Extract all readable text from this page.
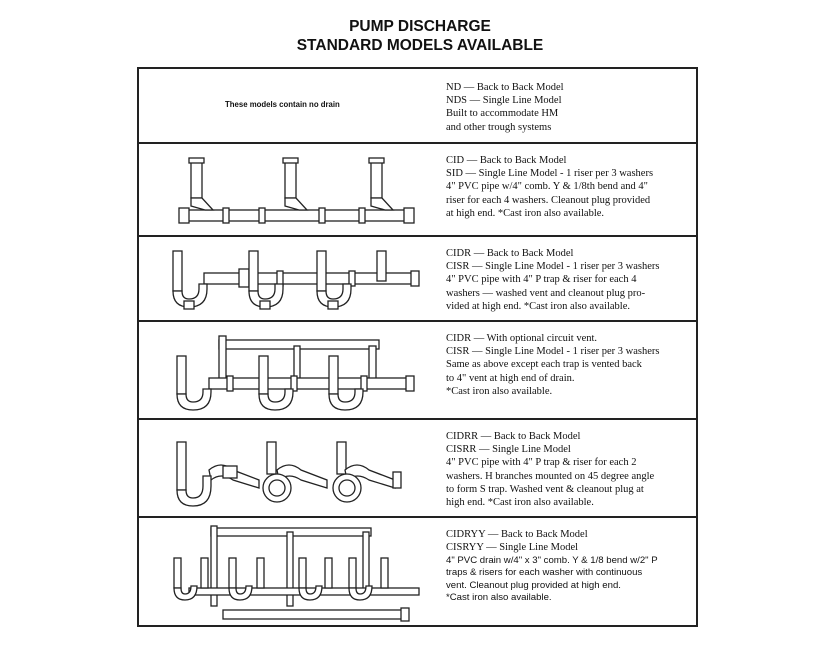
PUMP DISCHARGE
STANDARD MODELS AVAILABLE
These models contain no drain
ND — Back to Back Model
NDS — Single Line Model
Built to accommodate HM
and other trough systems
CID — Back to Back Model
SID — Single Line Model - 1 riser per 3 washers
4" PVC pipe w/4" comb. Y & 1/8th bend and 4"
riser for each 4 washers. Cleanout plug provided
at high end. *Cast iron also available.
CIDR — Back to Back Model
CISR — Single Line Model - 1 riser per 3 washers
4" PVC pipe with 4" P trap & riser for each 4
washers — washed vent and cleanout plug pro-
vided at high end. *Cast iron also available.
CIDR — With optional circuit vent.
CISR — Single Line Model - 1 riser per 3 washers
Same as above except each trap is vented back
to 4" vent at high end of drain.
*Cast iron also available.
CIDRR — Back to Back Model
CISRR — Single Line Model
4" PVC pipe with 4" P trap & riser for each 2
washers. H branches mounted on 45 degree angle
to form S trap. Washed vent & cleanout plug at
high end. *Cast iron also available.
CIDRYY — Back to Back Model
CISRYY — Single Line Model
4" PVC drain w/4" x 3" comb. Y & 1/8 bend w/2" P
traps & risers for each washer with continuous
vent. Cleanout plug provided at high end.
*Cast iron also available.
